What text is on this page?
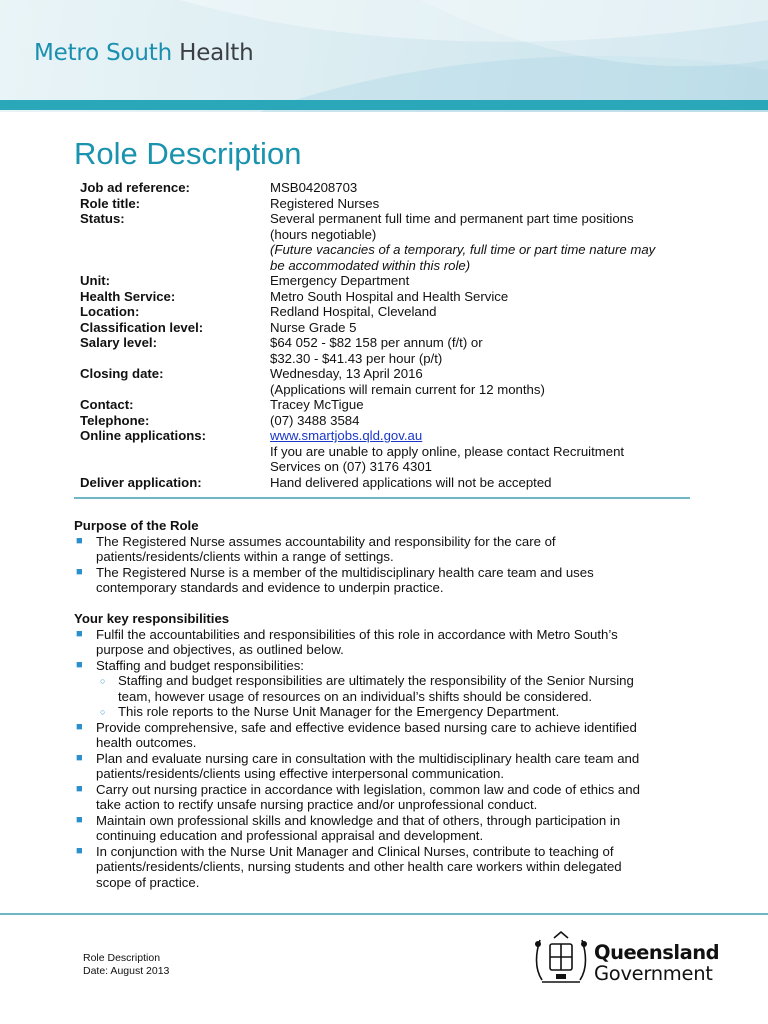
Metro South Health
Role Description
Job ad reference:	MSB04208703
Role title:	Registered Nurses
Status:	Several permanent full time and permanent part time positions
(hours negotiable)
(Future vacancies of a temporary, full time or part time nature may
be accommodated within this role)
Unit:	Emergency Department
Health Service:	Metro South Hospital and Health Service
Location:	Redland Hospital, Cleveland
Classification level:	Nurse Grade 5
Salary level:	$64 052 - $82 158 per annum (f/t) or
$32.30 - $41.43 per hour (p/t)
Closing date:	Wednesday, 13 April 2016
(Applications will remain current for 12 months)
Contact:	Tracey McTigue
Telephone:	(07) 3488 3584
Online applications:	www.smartjobs.qld.gov.au
If you are unable to apply online, please contact Recruitment
Services on (07) 3176 4301
Deliver application:	Hand delivered applications will not be accepted
Purpose of the Role
■ The Registered Nurse assumes accountability and responsibility for the care of
patients/residents/clients within a range of settings.
■ The Registered Nurse is a member of the multidisciplinary health care team and uses
contemporary standards and evidence to underpin practice.
Your key responsibilities
■ Fulfil the accountabilities and responsibilities of this role in accordance with Metro South’s
purpose and objectives, as outlined below.
■ Staffing and budget responsibilities:
○ Staffing and budget responsibilities are ultimately the responsibility of the Senior Nursing
team, however usage of resources on an individual’s shifts should be considered.
○ This role reports to the Nurse Unit Manager for the Emergency Department.
■ Provide comprehensive, safe and effective evidence based nursing care to achieve identified
health outcomes.
■ Plan and evaluate nursing care in consultation with the multidisciplinary health care team and
patients/residents/clients using effective interpersonal communication.
■ Carry out nursing practice in accordance with legislation, common law and code of ethics and
take action to rectify unsafe nursing practice and/or unprofessional conduct.
■ Maintain own professional skills and knowledge and that of others, through participation in
continuing education and professional appraisal and development.
■ In conjunction with the Nurse Unit Manager and Clinical Nurses, contribute to teaching of
patients/residents/clients, nursing students and other health care workers within delegated
scope of practice.
Role Description
Date: August 2013
Queensland
Government
